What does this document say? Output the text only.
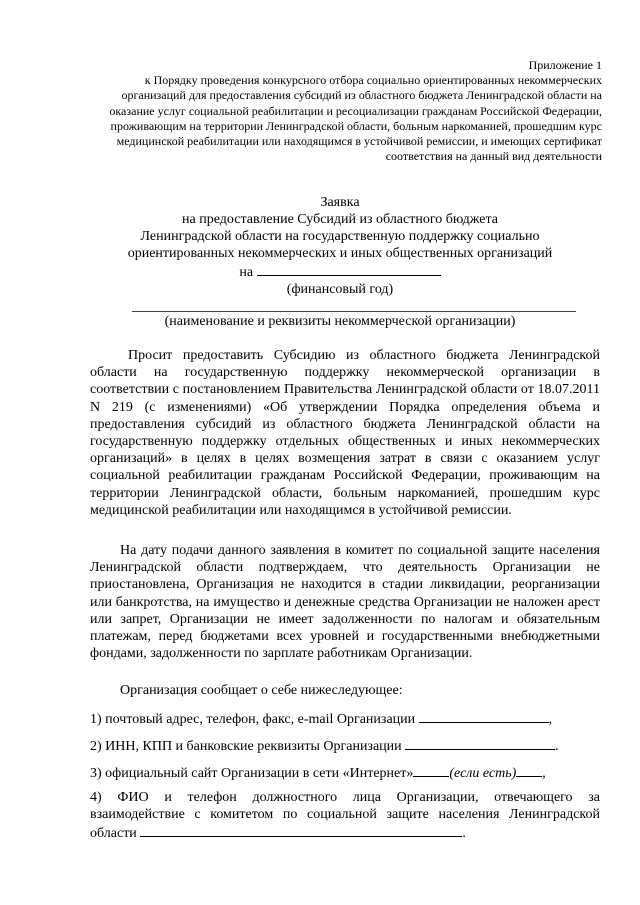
Приложение 1
к Порядку проведения конкурсного отбора социально ориентированных некоммерческих организаций для предоставления субсидий из областного бюджета Ленинградской области на оказание услуг социальной реабилитации и ресоциализации гражданам Российской Федерации, проживающим на территории Ленинградской области, больным наркоманией, прошедшим курс медицинской реабилитации или находящимся в устойчивой ремиссии, и имеющих сертификат соответствия на данный вид деятельности
Заявка
на предоставление Субсидий из областного бюджета
Ленинградской области на государственную поддержку социально
ориентированных некоммерческих и иных общественных организаций
на
(финансовый год)
(наименование и реквизиты некоммерческой организации)
Просит предоставить Субсидию из областного бюджета Ленинградской области на государственную поддержку некоммерческой организации в соответствии с постановлением Правительства Ленинградской области от 18.07.2011 N 219 (с изменениями) «Об утверждении Порядка определения объема и предоставления субсидий из областного бюджета Ленинградской области на государственную поддержку отдельных общественных и иных некоммерческих организаций» в целях в целях возмещения затрат в связи с оказанием услуг социальной реабилитации гражданам Российской Федерации, проживающим на территории Ленинградской области, больным наркоманией, прошедшим курс медицинской реабилитации или находящимся в устойчивой ремиссии.
На дату подачи данного заявления в комитет по социальной защите населения Ленинградской области подтверждаем, что деятельность Организации не приостановлена, Организация не находится в стадии ликвидации, реорганизации или банкротства, на имущество и денежные средства Организации не наложен арест или запрет, Организации не имеет задолженности по налогам и обязательным платежам, перед бюджетами всех уровней и государственными внебюджетными фондами, задолженности по зарплате работникам Организации.
Организация сообщает о себе нижеследующее:
1) почтовый адрес, телефон, факс, e-mail Организации	,
2) ИНН, КПП и банковские реквизиты Организации	.
3) официальный сайт Организации в сети «Интернет»	(если есть) ,
4) ФИО и телефон должностного лица Организации, отвечающего за взаимодействие с комитетом по социальной защите населения Ленинградской области	.
